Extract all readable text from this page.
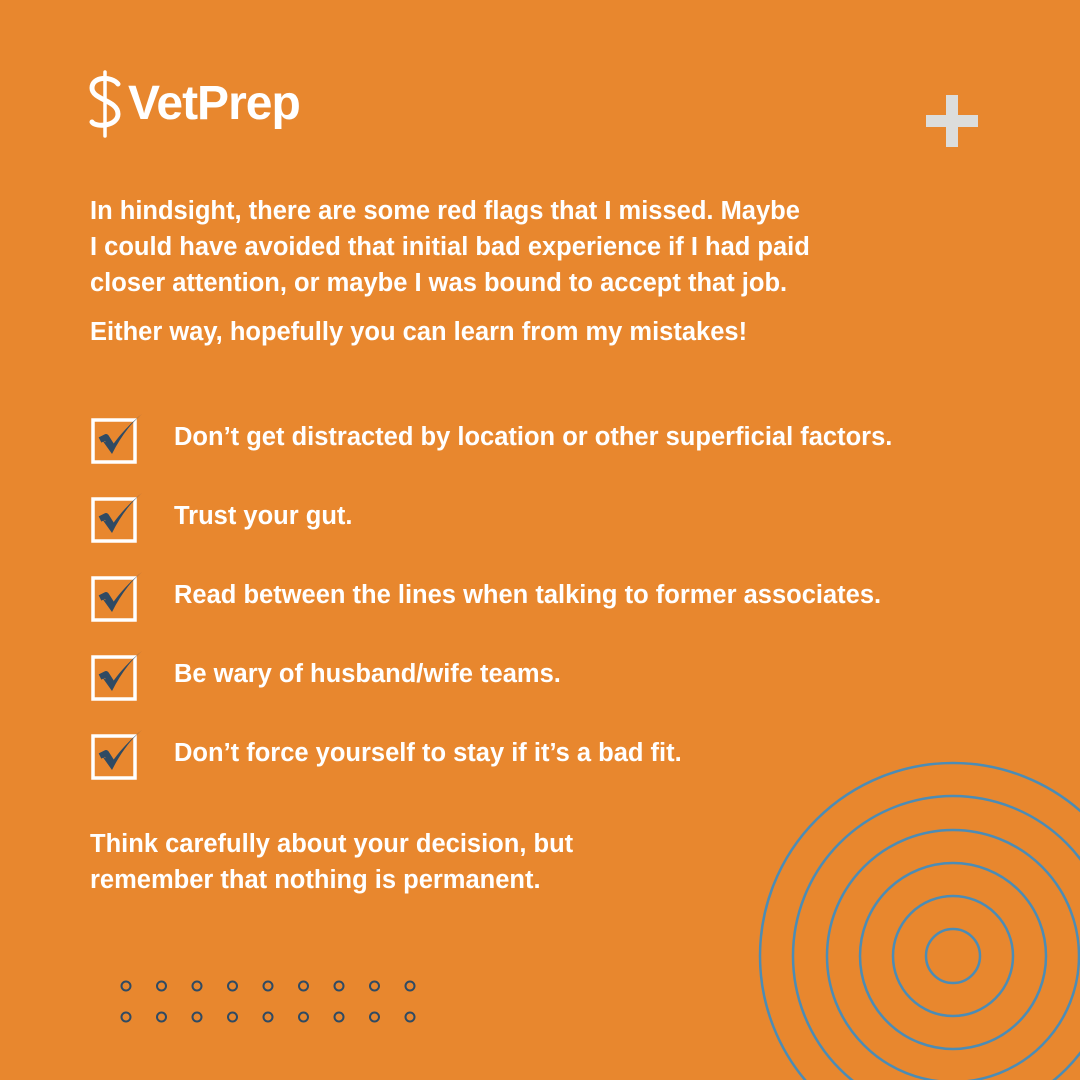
VetPrep

In hindsight, there are some red flags that I missed. Maybe
I could have avoided that initial bad experience if I had paid
closer attention, or maybe I was bound to accept that job.

Either way, hopefully you can learn from my mistakes!

Don’t get distracted by location or other superficial factors.
Trust your gut.
Read between the lines when talking to former associates.
Be wary of husband/wife teams.
Don’t force yourself to stay if it’s a bad fit.

Think carefully about your decision, but
remember that nothing is permanent.
